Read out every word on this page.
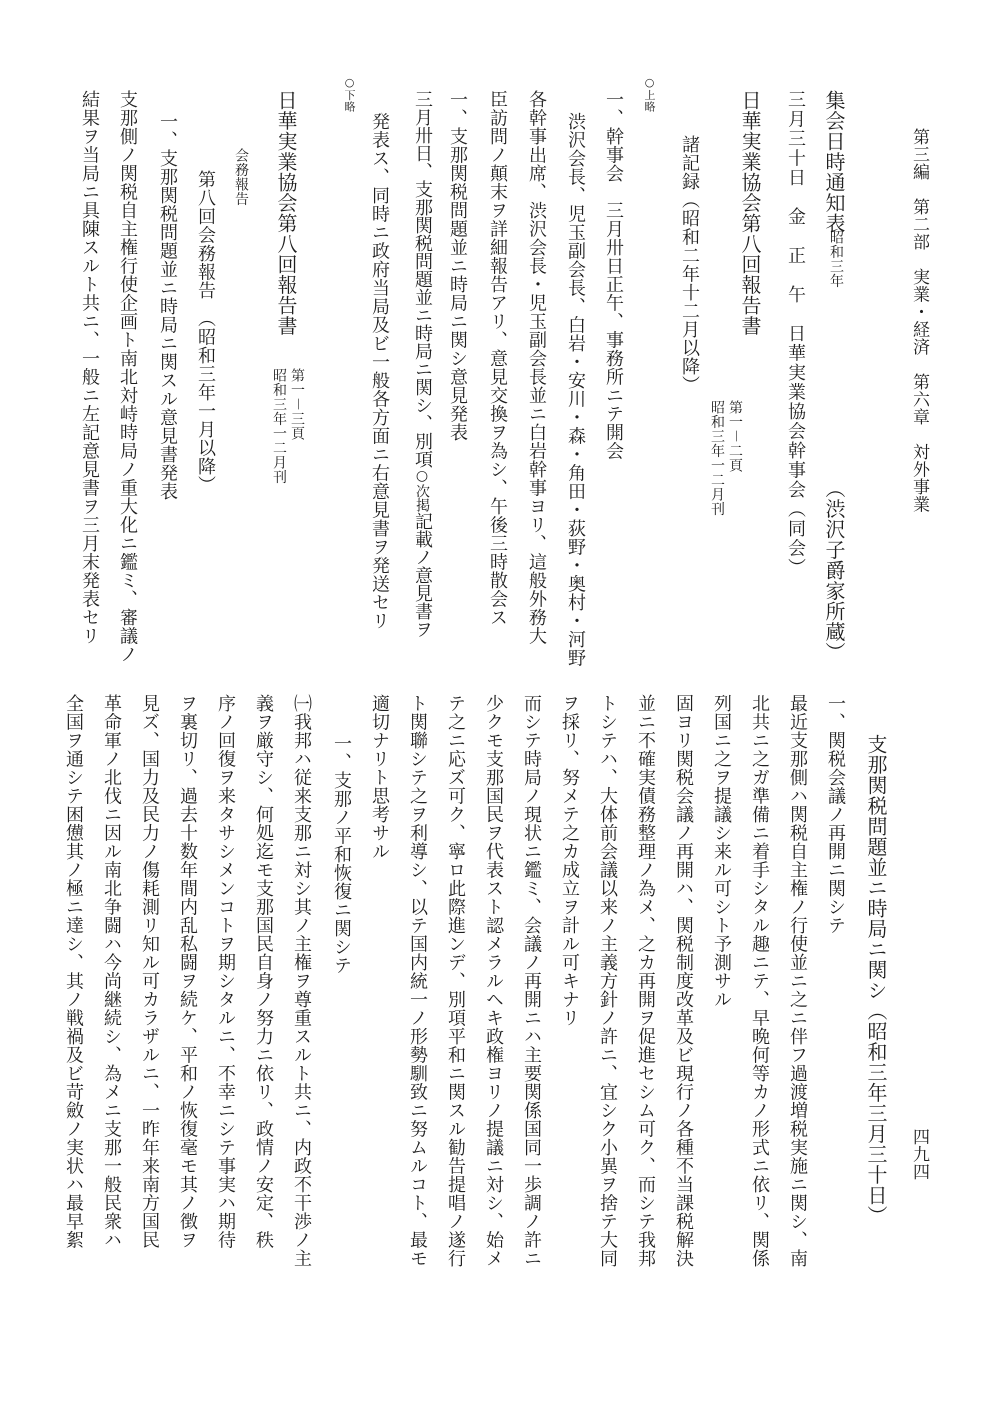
第三編　第二部　実業・経済　第六章　対外事業
集会日時通知表
昭和三年
（渋沢子爵家所蔵）
三月三十日　金　正　午　日華実業協会幹事会（同会）
日華実業協会第八回報告書
第一－二頁
昭和三年一二月刊
諸記録（昭和二年十二月以降）
○上略
一、幹事会　三月卅日正午、事務所ニテ開会
渋沢会長、児玉副会長、白岩・安川・森・角田・荻野・奥村・河野
各幹事出席、渋沢会長・児玉副会長並ニ白岩幹事ヨリ、這般外務大
臣訪問ノ顛末ヲ詳細報告アリ、意見交換ヲ為シ、午後三時散会ス
一、支那関税問題並ニ時局ニ関シ意見発表
三月卅日、支那関税問題並ニ時局ニ関シ、別項○次掲記載ノ意見書ヲ
発表ス、同時ニ政府当局及ビ一般各方面ニ右意見書ヲ発送セリ
○下略
日華実業協会第八回報告書
第一－三頁
昭和三年一二月刊
会務報告
第八回会務報告　（昭和三年一月以降）
一、支那関税問題並ニ時局ニ関スル意見書発表
支那側ノ関税自主権行使企画ト南北対峙時局ノ重大化ニ鑑ミ、審議ノ
結果ヲ当局ニ具陳スルト共ニ、一般ニ左記意見書ヲ三月末発表セリ
四九四
支那関税問題並ニ時局ニ関シ（昭和三年三月三十日）
一、関税会議ノ再開ニ関シテ
最近支那側ハ関税自主権ノ行使並ニ之ニ伴フ過渡増税実施ニ関シ、南
北共ニ之ガ準備ニ着手シタル趣ニテ、早晩何等カノ形式ニ依リ、関係
列国ニ之ヲ提議シ来ル可シト予測サル
固ヨリ関税会議ノ再開ハ、関税制度改革及ビ現行ノ各種不当課税解決
並ニ不確実債務整理ノ為メ、之カ再開ヲ促進セシム可ク、而シテ我邦
トシテハ、大体前会議以来ノ主義方針ノ許ニ、宜シク小異ヲ捨テ大同
ヲ採リ、努メテ之カ成立ヲ計ル可キナリ
而シテ時局ノ現状ニ鑑ミ、会議ノ再開ニハ主要関係国同一歩調ノ許ニ
少クモ支那国民ヲ代表スト認メラルヘキ政権ヨリノ提議ニ対シ、始メ
テ之ニ応ズ可ク、寧ロ此際進ンデ、別項平和ニ関スル勧告提唱ノ遂行
ト関聯シテ之ヲ利導シ、以テ国内統一ノ形勢馴致ニ努ムルコト、最モ
適切ナリト思考サル
一、支那ノ平和恢復ニ関シテ
㈠我邦ハ従来支那ニ対シ其ノ主権ヲ尊重スルト共ニ、内政不干渉ノ主
義ヲ厳守シ、何処迄モ支那国民自身ノ努力ニ依リ、政情ノ安定、秩
序ノ回復ヲ来タサシメンコトヲ期シタルニ、不幸ニシテ事実ハ期待
ヲ裏切リ、過去十数年間内乱私闘ヲ続ケ、平和ノ恢復毫モ其ノ徴ヲ
見ズ、国力及民力ノ傷耗測リ知ル可カラザルニ、一昨年来南方国民
革命軍ノ北伐ニ因ル南北争闘ハ今尚継続シ、為メニ支那一般民衆ハ
全国ヲ通シテ困憊其ノ極ニ達シ、其ノ戦禍及ビ苛斂ノ実状ハ最早絮
